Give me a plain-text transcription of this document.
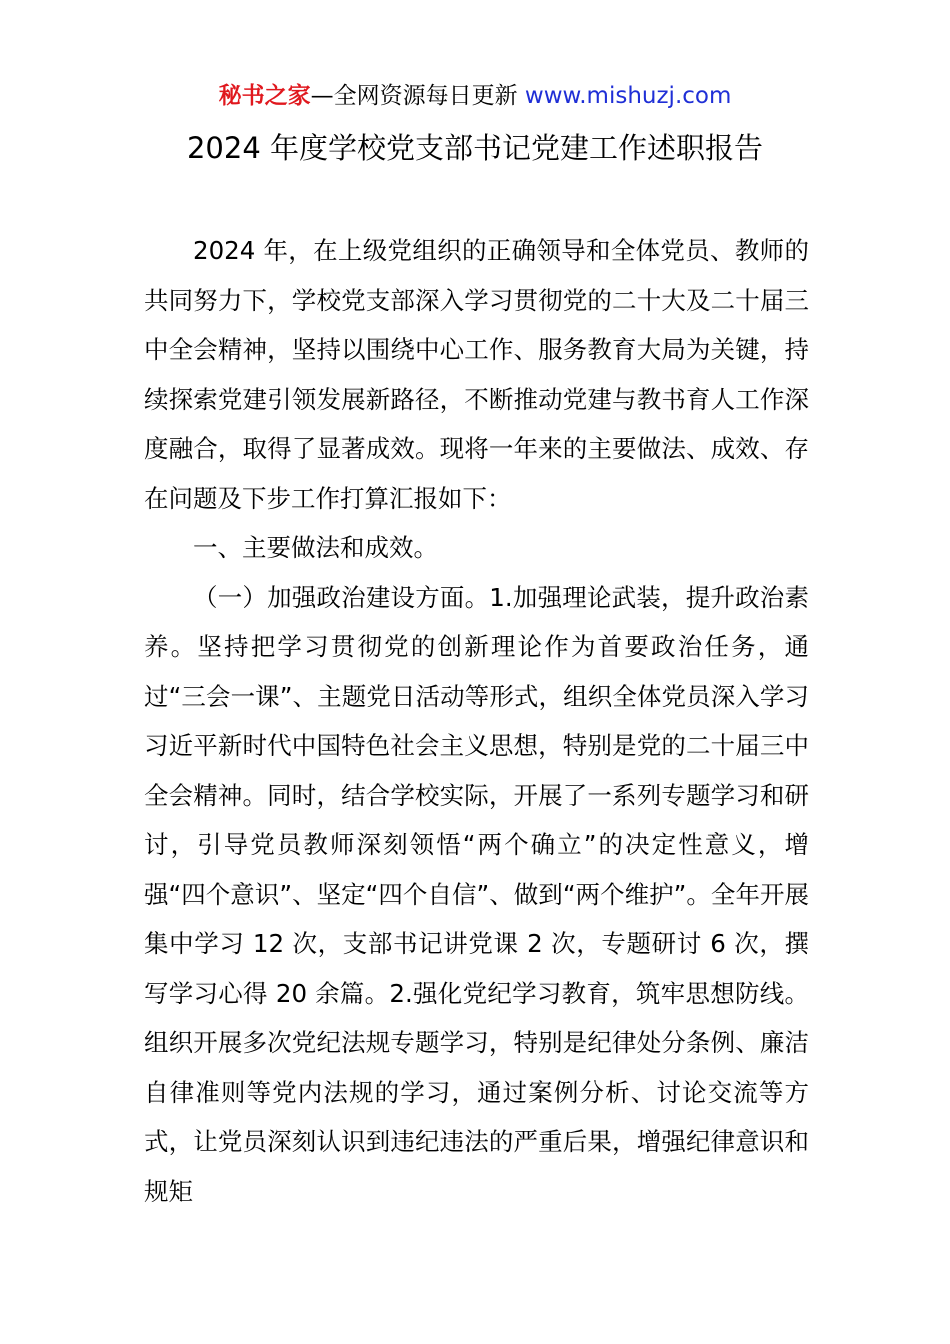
秘书之家—全网资源每日更新 www.mishuzj.com
2024 年度学校党支部书记党建工作述职报告

2024 年，在上级党组织的正确领导和全体党员、教师的共同努力下，学校党支部深入学习贯彻党的二十大及二十届三中全会精神，坚持以围绕中心工作、服务教育大局为关键，持续探索党建引领发展新路径，不断推动党建与教书育人工作深度融合，取得了显著成效。现将一年来的主要做法、成效、存在问题及下步工作打算汇报如下：

一、主要做法和成效。

（一）加强政治建设方面。1.加强理论武装，提升政治素养。坚持把学习贯彻党的创新理论作为首要政治任务，通过“三会一课”、主题党日活动等形式，组织全体党员深入学习习近平新时代中国特色社会主义思想，特别是党的二十届三中全会精神。同时，结合学校实际，开展了一系列专题学习和研讨，引导党员教师深刻领悟“两个确立”的决定性意义，增强“四个意识”、坚定“四个自信”、做到“两个维护”。全年开展集中学习 12 次，支部书记讲党课 2 次，专题研讨 6 次，撰写学习心得 20 余篇。2.强化党纪学习教育，筑牢思想防线。组织开展多次党纪法规专题学习，特别是纪律处分条例、廉洁自律准则等党内法规的学习，通过案例分析、讨论交流等方式，让党员深刻认识到违纪违法的严重后果，增强纪律意识和规矩
